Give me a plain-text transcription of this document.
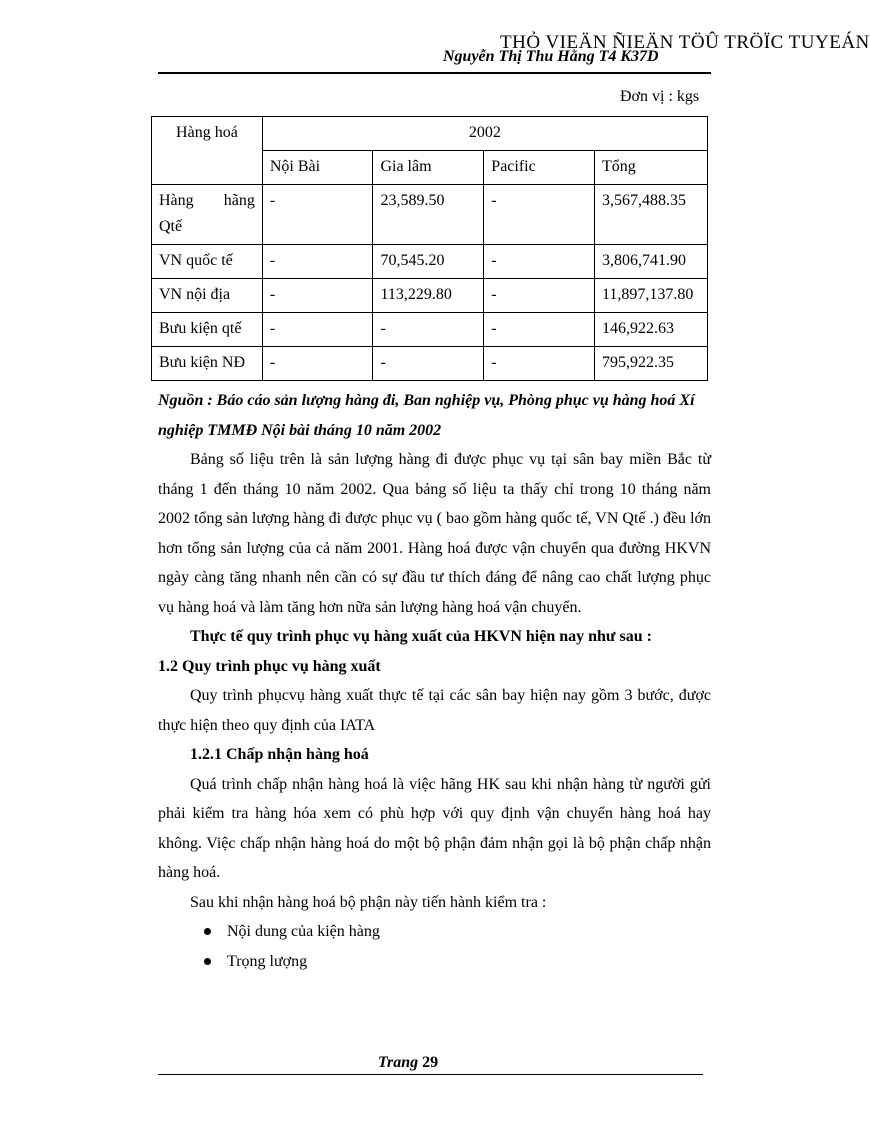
THỎ VIEÄN ÑIEÄN TÖÛ TRÖÏC TUYEÁN
Nguyễn Thị Thu Hằng T4 K37D
Đơn vị : kgs
Hàng hoá	2002			
	Nội Bài	Gia lâm	Pacific	Tổng

Hàng hãng
Qtế	-	23,589.50	-	3,567,488.35
VN quốc tế	-	70,545.20	-	3,806,741.90
VN nội địa	-	113,229.80	-	11,897,137.80
Bưu kiện qtế	-	-	-	146,922.63
Bưu kiện NĐ	-	-	-	795,922.35

Nguồn : Báo cáo sản lượng hàng đi, Ban nghiệp vụ, Phòng phục vụ hàng hoá Xí nghiệp TMMĐ Nội bài tháng 10 năm 2002

Bảng số liệu trên là sản lượng hàng đi được phục vụ tại sân bay miền Bắc từ tháng 1 đến tháng 10 năm 2002. Qua bảng số liệu ta thấy chỉ trong 10 tháng năm 2002 tổng sản lượng hàng đi được phục vụ ( bao gồm hàng quốc tế, VN Qtế .) đều lớn hơn tổng sản lượng của cả năm 2001. Hàng hoá được vận chuyển qua đường HKVN ngày càng tăng nhanh nên cần có sự đầu tư thích đáng để nâng cao chất lượng phục vụ hàng hoá và làm tăng hơn nữa sản lượng hàng hoá vận chuyển.

Thực tế quy trình phục vụ hàng xuất của HKVN hiện nay như sau :

1.2 Quy trình phục vụ hàng xuất

Quy trình phụcvụ hàng xuất thực tế tại các sân bay hiện nay gồm 3 bước, được thực hiện theo quy định của IATA

1.2.1 Chấp nhận hàng hoá

Quá trình chấp nhận hàng hoá là việc hãng HK sau khi nhận hàng từ người gửi phải kiểm tra hàng hóa xem có phù hợp với quy định vận chuyển hàng hoá hay không. Việc chấp nhận hàng hoá do một bộ phận đảm nhận gọi là bộ phận chấp nhận hàng hoá.

Sau khi nhận hàng hoá bộ phận này tiến hành kiểm tra :

Nội dung của kiện hàng
Trọng lượng
Trang 29
